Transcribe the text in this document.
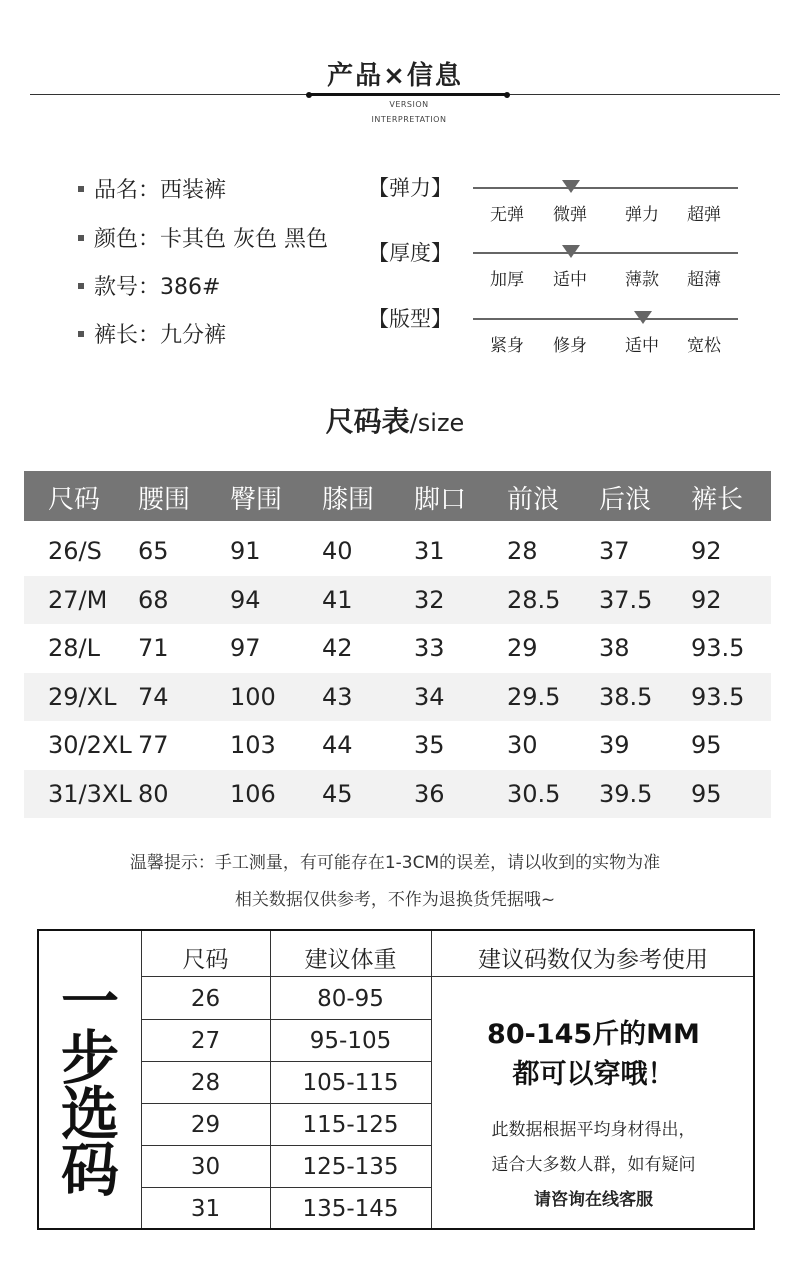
产品×信息
VERSION
INTERPRETATION
品名：西装裤
颜色：卡其色 灰色 黑色
款号：386#
裤长：九分裤
【弹力】
无弹 微弹 弹力 超弹
【厚度】
加厚 适中 薄款 超薄
【版型】
紧身 修身 适中 宽松
尺码表/size
尺码 腰围 臀围 膝围 脚口 前浪 后浪 裤长
26/S 65	91	40	31	28	37	92
27/M 68	94	41	32	28.5 37.5 92
28/L 71	97	42	33	29	38	93.5
29/XL 74	100 43	34	29.5 38.5 93.5
30/2XL 77	103 44	35	30	39	95
31/3XL 80	106 45	36	30.5 39.5 95
温馨提示：手工测量，有可能存在1-3CM的误差，请以收到的实物为准
相关数据仅供参考，不作为退换货凭据哦~
一
步
选
码
尺码	建议体重	建议码数仅为参考使用
26	80-95
27	95-105
28	105-115
29	115-125
30	125-135
31	135-145
80-145斤的MM
都可以穿哦！
此数据根据平均身材得出，
适合大多数人群，如有疑问
请咨询在线客服
